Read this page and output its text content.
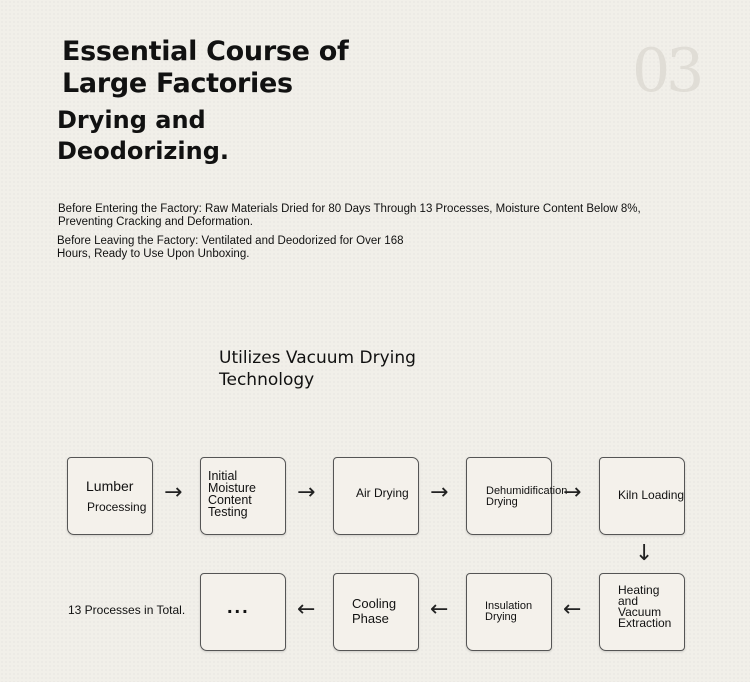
Essential Course of Large Factories
Drying and Deodorizing.
03
Before Entering the Factory: Raw Materials Dried for 80 Days Through 13 Processes, Moisture Content Below 8%, Preventing Cracking and Deformation.
Before Leaving the Factory: Ventilated and Deodorized for Over 168 Hours, Ready to Use Upon Unboxing.
Utilizes Vacuum Drying Technology
Lumber
Processing
Initial Moisture Content Testing
Air Drying	Dehumidification Drying	Kiln Loading
Heating and Vacuum Extraction
Insulation Drying
Cooling Phase
...
13 Processes in Total.
→	→	→	→
↓
←
←
←
